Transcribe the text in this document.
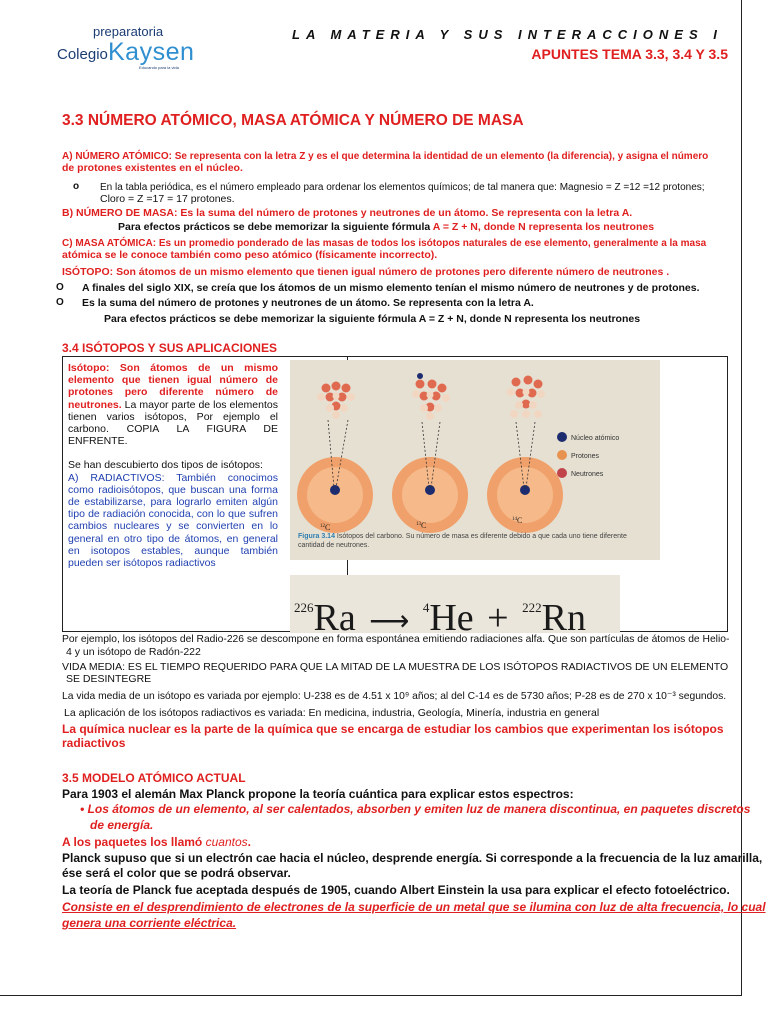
preparatoria
Colegio Kaysen
Educando para la vida
LA MATERIA Y SUS INTERACCIONES I
APUNTES TEMA 3.3, 3.4 Y 3.5
3.3 NÚMERO ATÓMICO, MASA ATÓMICA Y NÚMERO DE MASA
A) NÚMERO ATÓMICO: Se representa con la letra Z y es el que determina la identidad de un elemento (la diferencia), y asigna el número
de protones existentes en el núcleo.
o En la tabla periódica, es el número empleado para ordenar los elementos químicos; de tal manera que: Magnesio = Z =12 =12 protones;
Cloro = Z =17 = 17 protones.
B) NÚMERO DE MASA: Es la suma del número de protones y neutrones de un átomo. Se representa con la letra A.
Para efectos prácticos se debe memorizar la siguiente fórmula A = Z + N, donde N representa los neutrones
C) MASA ATÓMICA: Es un promedio ponderado de las masas de todos los isótopos naturales de ese elemento, generalmente a la masa
atómica se le conoce también como peso atómico (físicamente incorrecto).
ISÓTOPO: Son átomos de un mismo elemento que tienen igual número de protones pero diferente número de neutrones .
O A finales del siglo XIX, se creía que los átomos de un mismo elemento tenían el mismo número de neutrones y de protones.
O Es la suma del número de protones y neutrones de un átomo. Se representa con la letra A.
Para efectos prácticos se debe memorizar la siguiente fórmula A = Z + N, donde N representa los neutrones
3.4 ISÓTOPOS Y SUS APLICACIONES
Isótopo: Son átomos de un mismo elemento que tienen igual número de protones pero diferente número de neutrones. La mayor parte de los elementos tienen varios isótopos, Por ejemplo el carbono. COPIA LA FIGURA DE ENFRENTE.
Se han descubierto dos tipos de isótopos:
A) RADIACTIVOS: También conocimos como radioisótopos, que buscan una forma de estabilizarse, para lograrlo emiten algún tipo de radiación conocida, con lo que sufren cambios nucleares y se convierten en lo general en otro tipo de átomos, en general en isotopos estables, aunque también pueden ser isótopos radiactivos
$^{12}$C	$^{13}$C
$^{14}$C
Núcleo atómico
Protones
Neutrones
Figura 3.14 Isótopos del carbono. Su número de masa es diferente debido a que cada uno tiene diferente cantidad de neutrones.
$^{226}$Ra ⟶ $^4$He + $^{222}$Rn
Por ejemplo, los isótopos del Radio-226 se descompone en forma espontánea emitiendo radiaciones alfa. Que son partículas de átomos de Helio-
4 y un isótopo de Radón-222
VIDA MEDIA: ES EL TIEMPO REQUERIDO PARA QUE LA MITAD DE LA MUESTRA DE LOS ISÓTOPOS RADIACTIVOS DE UN ELEMENTO
SE DESINTEGRE
La vida media de un isótopo es variada por ejemplo: U-238 es de 4.51 x 10⁹ años; al del C-14 es de 5730 años; P-28 es de 270 x 10⁻³ segundos.
La aplicación de los isótopos radiactivos es variada: En medicina, industria, Geología, Minería, industria en general
La química nuclear es la parte de la química que se encarga de estudiar los cambios que experimentan los isótopos
radiactivos
3.5 MODELO ATÓMICO ACTUAL
Para 1903 el alemán Max Planck propone la teoría cuántica para explicar estos espectros:
• Los átomos de un elemento, al ser calentados, absorben y emiten luz de manera discontinua, en paquetes discretos
de energía.
A los paquetes los llamó cuantos.
Planck supuso que si un electrón cae hacia el núcleo, desprende energía. Si corresponde a la frecuencia de la luz amarilla,
ése será el color que se podrá observar.
La teoría de Planck fue aceptada después de 1905, cuando Albert Einstein la usa para explicar el efecto fotoeléctrico.
Consiste en el desprendimiento de electrones de la superficie de un metal que se ilumina con luz de alta frecuencia, lo cual
genera una corriente eléctrica.
